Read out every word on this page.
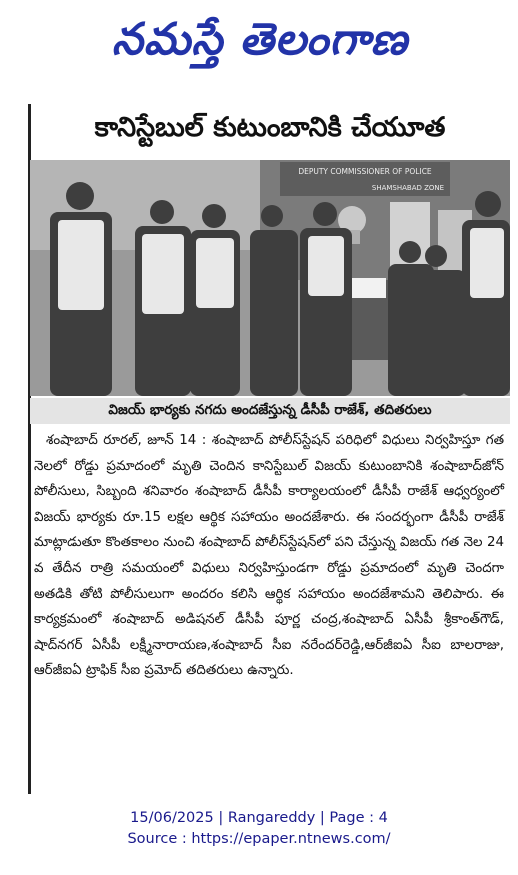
నమస్తే తెలంగాణ
కానిస్టేబుల్ కుటుంబానికి చేయూత
DEPUTY COMMISSIONER OF POLICE
SHAMSHABAD ZONE
విజయ్ భార్యకు నగదు అందజేస్తున్న డీసీపీ రాజేశ్, తదితరులు

శంషాబాద్ రూరల్, జూన్ 14 : శంషాబాద్ పోలీస్‌స్టేషన్ పరిధిలో విధులు నిర్వహిస్తూ గత నెలలో రోడ్డు ప్రమాదంలో మృతి చెందిన కానిస్టేబుల్ విజయ్ కుటుంబానికి శంషాబాద్‌జోన్ పోలీసులు, సిబ్బంది శనివారం శంషాబాద్ డీసీపీ కార్యాలయంలో డీసీపీ రాజేశ్ ఆధ్వర్యంలో విజయ్ భార్యకు రూ.15 లక్షల ఆర్థిక సహాయం అందజేశారు. ఈ సందర్భంగా డీసీపీ రాజేశ్ మాట్లాడుతూ కొంతకాలం నుంచి శంషాబాద్ పోలీస్‌స్టేషన్‌లో పని చేస్తున్న విజయ్ గత నెల 24 వ తేదీన రాత్రి సమయంలో విధులు నిర్వహిస్తుండగా రోడ్డు ప్రమాదంలో మృతి చెందగా అతడికి తోటి పోలీసులుగా అందరం కలిసి ఆర్థిక సహాయం అందజేశామని తెలిపారు. ఈ కార్యక్రమంలో శంషాబాద్ అడిషనల్ డీసీపీ పూర్ణ చంద్ర,శంషాబాద్ ఏసీపీ శ్రీకాంత్‌గౌడ్, షాద్‌నగర్ ఏసీపీ లక్ష్మీనారాయణ,శంషాబాద్ సీఐ నరేందర్‌రెడ్డి,ఆర్‌జీఐఏ సీఐ బాలరాజు, ఆర్‌జీఐఏ ట్రాఫిక్ సీఐ ప్రమోద్ తదితరులు ఉన్నారు.

15/06/2025 | Rangareddy | Page : 4
Source : https://epaper.ntnews.com/
